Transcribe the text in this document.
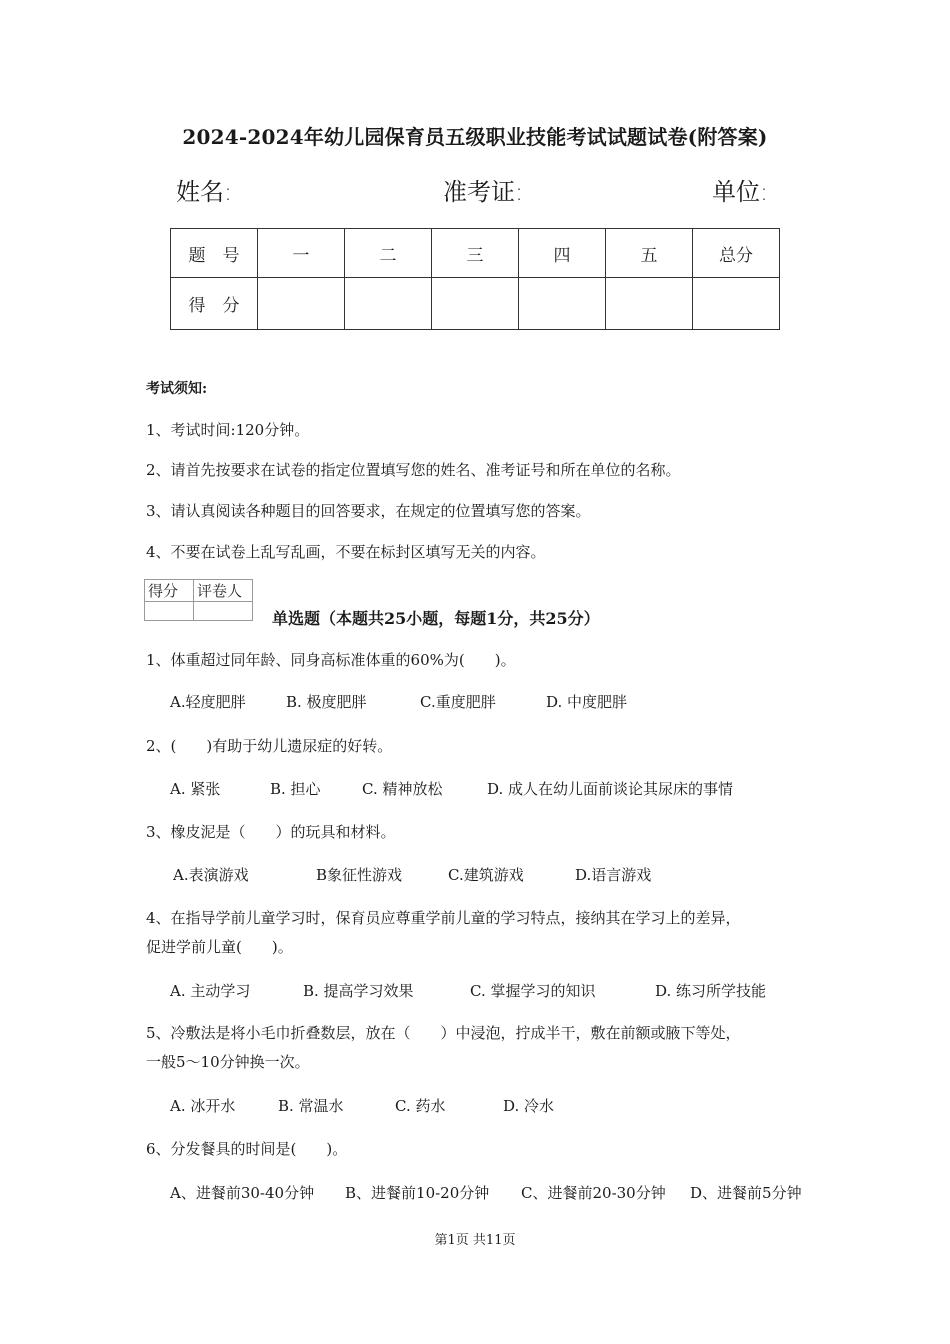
2024-2024年幼儿园保育员五级职业技能考试试题试卷(附答案)
姓名:	准考证:	单位:
题　号	一	二	三	四	五	总分
得　分						
考试须知:
1、考试时间:120分钟。
2、请首先按要求在试卷的指定位置填写您的姓名、准考证号和所在单位的名称。
3、请认真阅读各种题目的回答要求，在规定的位置填写您的答案。
4、不要在试卷上乱写乱画，不要在标封区填写无关的内容。
得分	评卷人

单选题（本题共25小题，每题1分，共25分）
1、体重超过同年龄、同身高标准体重的60%为(　　)。
A.轻度肥胖	B. 极度肥胖	C.重度肥胖	D. 中度肥胖
2、(　　)有助于幼儿遗尿症的好转。
A. 紧张	B. 担心	C. 精神放松	D. 成人在幼儿面前谈论其尿床的事情
3、橡皮泥是（　　）的玩具和材料。
A.表演游戏	B象征性游戏	C.建筑游戏	D.语言游戏
4、在指导学前儿童学习时，保育员应尊重学前儿童的学习特点，接纳其在学习上的差异，
促进学前儿童(　　)。
A. 主动学习	B. 提高学习效果	C. 掌握学习的知识	D. 练习所学技能
5、冷敷法是将小毛巾折叠数层，放在（　　）中浸泡，拧成半干，敷在前额或腋下等处，
一般5～10分钟换一次。
A. 冰开水	B. 常温水	C. 药水	D. 冷水
6、分发餐具的时间是(　　)。
A、进餐前30-40分钟 B、进餐前10-20分钟 C、进餐前20-30分钟 D、进餐前5分钟
第1页 共11页
